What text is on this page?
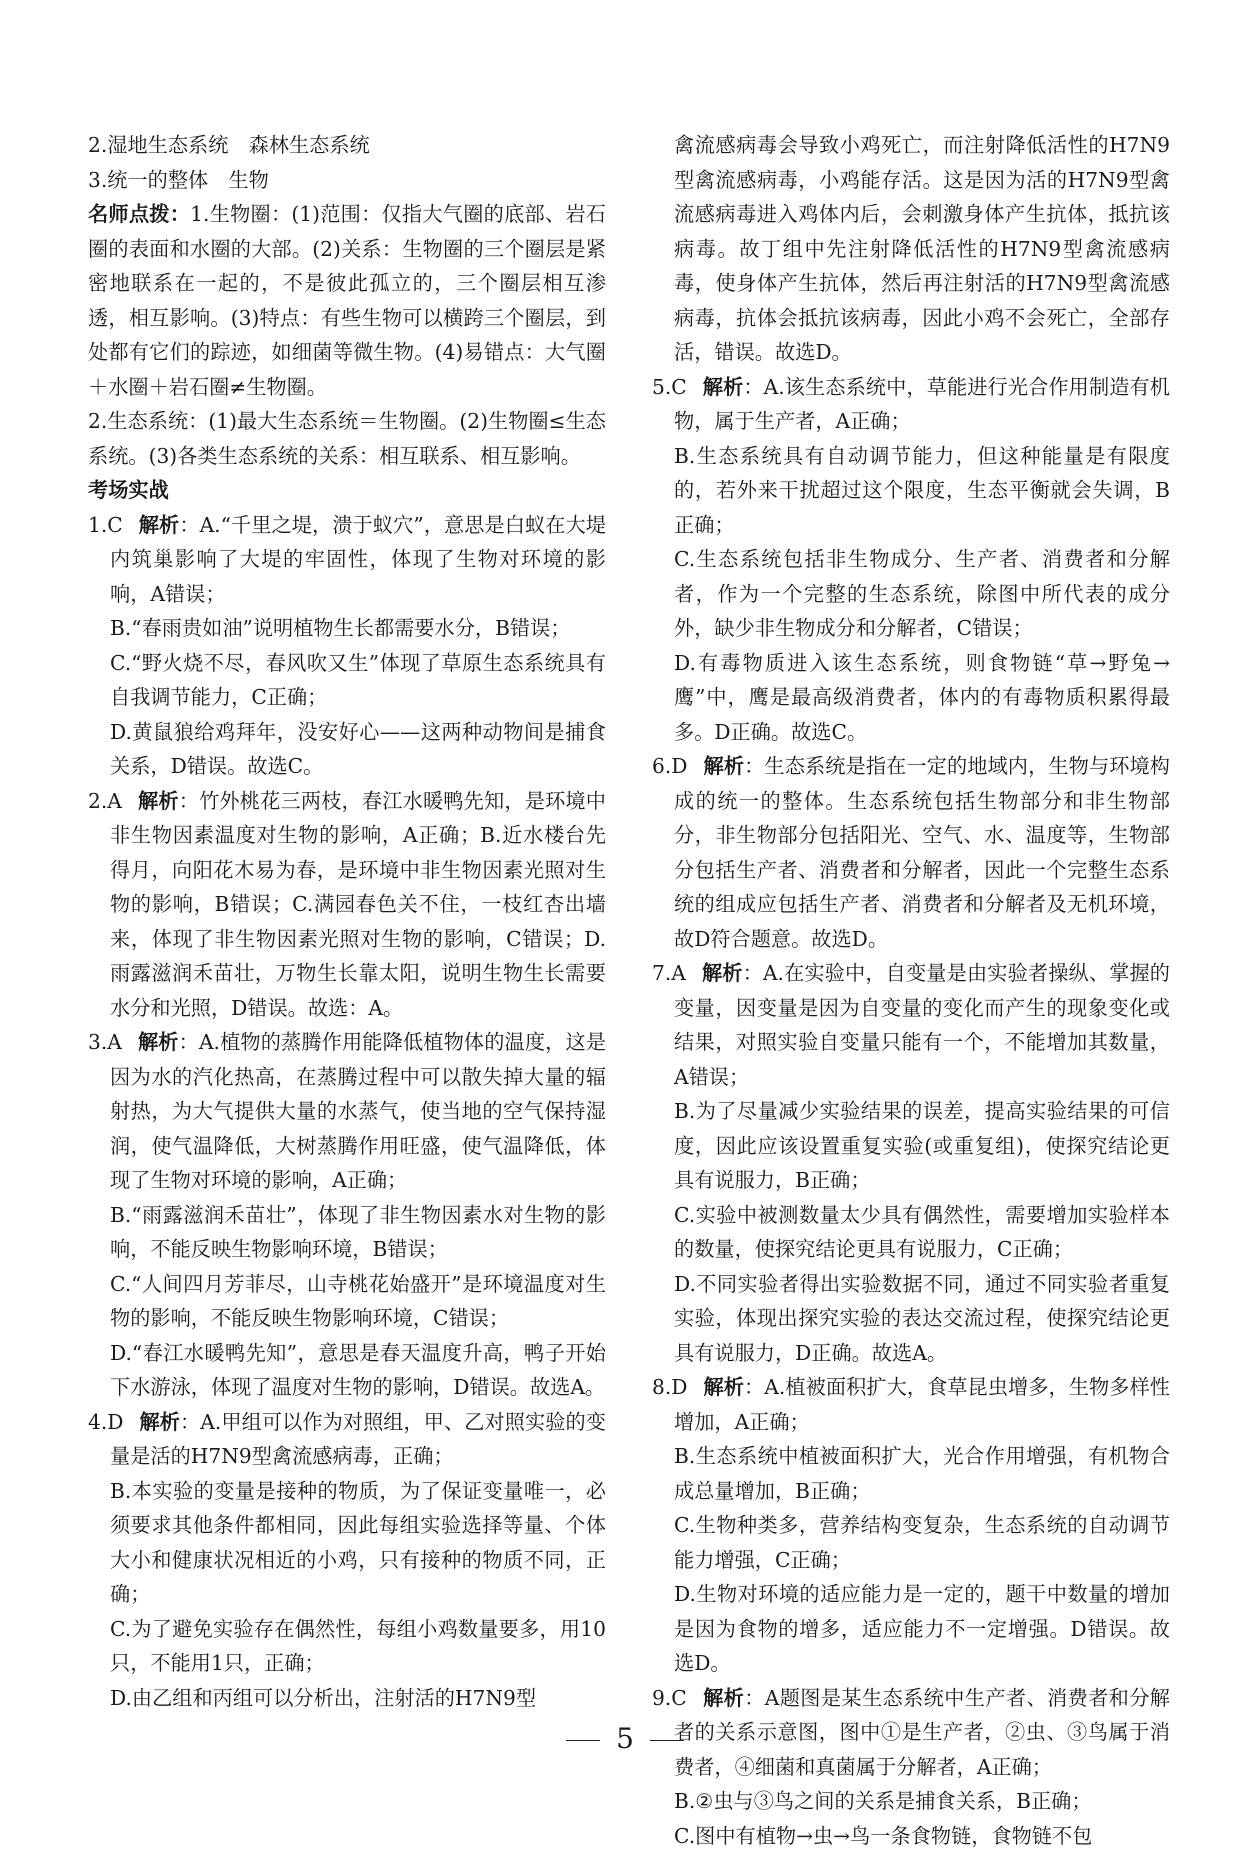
2.湿地生态系统　森林生态系统

3.统一的整体　生物

名师点拨：1.生物圈：(1)范围：仅指大气圈的底部、岩石圈的表面和水圈的大部。(2)关系：生物圈的三个圈层是紧密地联系在一起的，不是彼此孤立的，三个圈层相互渗透，相互影响。(3)特点：有些生物可以横跨三个圈层，到处都有它们的踪迹，如细菌等微生物。(4)易错点：大气圈＋水圈＋岩石圈≠生物圈。

2.生态系统：(1)最大生态系统＝生物圈。(2)生物圈≤生态系统。(3)各类生态系统的关系：相互联系、相互影响。

考场实战

1.C 解析：A.“千里之堤，溃于蚁穴”，意思是白蚁在大堤内筑巢影响了大堤的牢固性，体现了生物对环境的影响，A错误；

B.“春雨贵如油”说明植物生长都需要水分，B错误；

C.“野火烧不尽，春风吹又生”体现了草原生态系统具有自我调节能力，C正确；

D.黄鼠狼给鸡拜年，没安好心——这两种动物间是捕食关系，D错误。故选C。

2.A 解析：竹外桃花三两枝，春江水暖鸭先知，是环境中非生物因素温度对生物的影响，A正确；B.近水楼台先得月，向阳花木易为春，是环境中非生物因素光照对生物的影响，B错误；C.满园春色关不住，一枝红杏出墙来，体现了非生物因素光照对生物的影响，C错误；D.雨露滋润禾苗壮，万物生长靠太阳，说明生物生长需要水分和光照，D错误。故选：A。

3.A 解析：A.植物的蒸腾作用能降低植物体的温度，这是因为水的汽化热高，在蒸腾过程中可以散失掉大量的辐射热，为大气提供大量的水蒸气，使当地的空气保持湿润，使气温降低，大树蒸腾作用旺盛，使气温降低，体现了生物对环境的影响，A正确；

B.“雨露滋润禾苗壮”，体现了非生物因素水对生物的影响，不能反映生物影响环境，B错误；

C.“人间四月芳菲尽，山寺桃花始盛开”是环境温度对生物的影响，不能反映生物影响环境，C错误；

D.“春江水暖鸭先知”，意思是春天温度升高，鸭子开始下水游泳，体现了温度对生物的影响，D错误。故选A。

4.D 解析：A.甲组可以作为对照组，甲、乙对照实验的变量是活的H7N9型禽流感病毒，正确；

B.本实验的变量是接种的物质，为了保证变量唯一，必须要求其他条件都相同，因此每组实验选择等量、个体大小和健康状况相近的小鸡，只有接种的物质不同，正确；

C.为了避免实验存在偶然性，每组小鸡数量要多，用10只，不能用1只，正确；

D.由乙组和丙组可以分析出，注射活的H7N9型

禽流感病毒会导致小鸡死亡，而注射降低活性的H7N9型禽流感病毒，小鸡能存活。这是因为活的H7N9型禽流感病毒进入鸡体内后，会刺激身体产生抗体，抵抗该病毒。故丁组中先注射降低活性的H7N9型禽流感病毒，使身体产生抗体，然后再注射活的H7N9型禽流感病毒，抗体会抵抗该病毒，因此小鸡不会死亡，全部存活，错误。故选D。

5.C 解析：A.该生态系统中，草能进行光合作用制造有机物，属于生产者，A正确；

B.生态系统具有自动调节能力，但这种能量是有限度的，若外来干扰超过这个限度，生态平衡就会失调，B正确；

C.生态系统包括非生物成分、生产者、消费者和分解者，作为一个完整的生态系统，除图中所代表的成分外，缺少非生物成分和分解者，C错误；

D.有毒物质进入该生态系统，则食物链“草→野兔→鹰”中，鹰是最高级消费者，体内的有毒物质积累得最多。D正确。故选C。

6.D 解析：生态系统是指在一定的地域内，生物与环境构成的统一的整体。生态系统包括生物部分和非生物部分，非生物部分包括阳光、空气、水、温度等，生物部分包括生产者、消费者和分解者，因此一个完整生态系统的组成应包括生产者、消费者和分解者及无机环境，故D符合题意。故选D。

7.A 解析：A.在实验中，自变量是由实验者操纵、掌握的变量，因变量是因为自变量的变化而产生的现象变化或结果，对照实验自变量只能有一个，不能增加其数量，A错误；

B.为了尽量减少实验结果的误差，提高实验结果的可信度，因此应该设置重复实验(或重复组)，使探究结论更具有说服力，B正确；

C.实验中被测数量太少具有偶然性，需要增加实验样本的数量，使探究结论更具有说服力，C正确；

D.不同实验者得出实验数据不同，通过不同实验者重复实验，体现出探究实验的表达交流过程，使探究结论更具有说服力，D正确。故选A。

8.D 解析：A.植被面积扩大，食草昆虫增多，生物多样性增加，A正确；

B.生态系统中植被面积扩大，光合作用增强，有机物合成总量增加，B正确；

C.生物种类多，营养结构变复杂，生态系统的自动调节能力增强，C正确；

D.生物对环境的适应能力是一定的，题干中数量的增加是因为食物的增多，适应能力不一定增强。D错误。故选D。

9.C 解析：A题图是某生态系统中生产者、消费者和分解者的关系示意图，图中①是生产者，②虫、③鸟属于消费者，④细菌和真菌属于分解者，A正确；

B.②虫与③鸟之间的关系是捕食关系，B正确；

C.图中有植物→虫→鸟一条食物链，食物链不包

5
